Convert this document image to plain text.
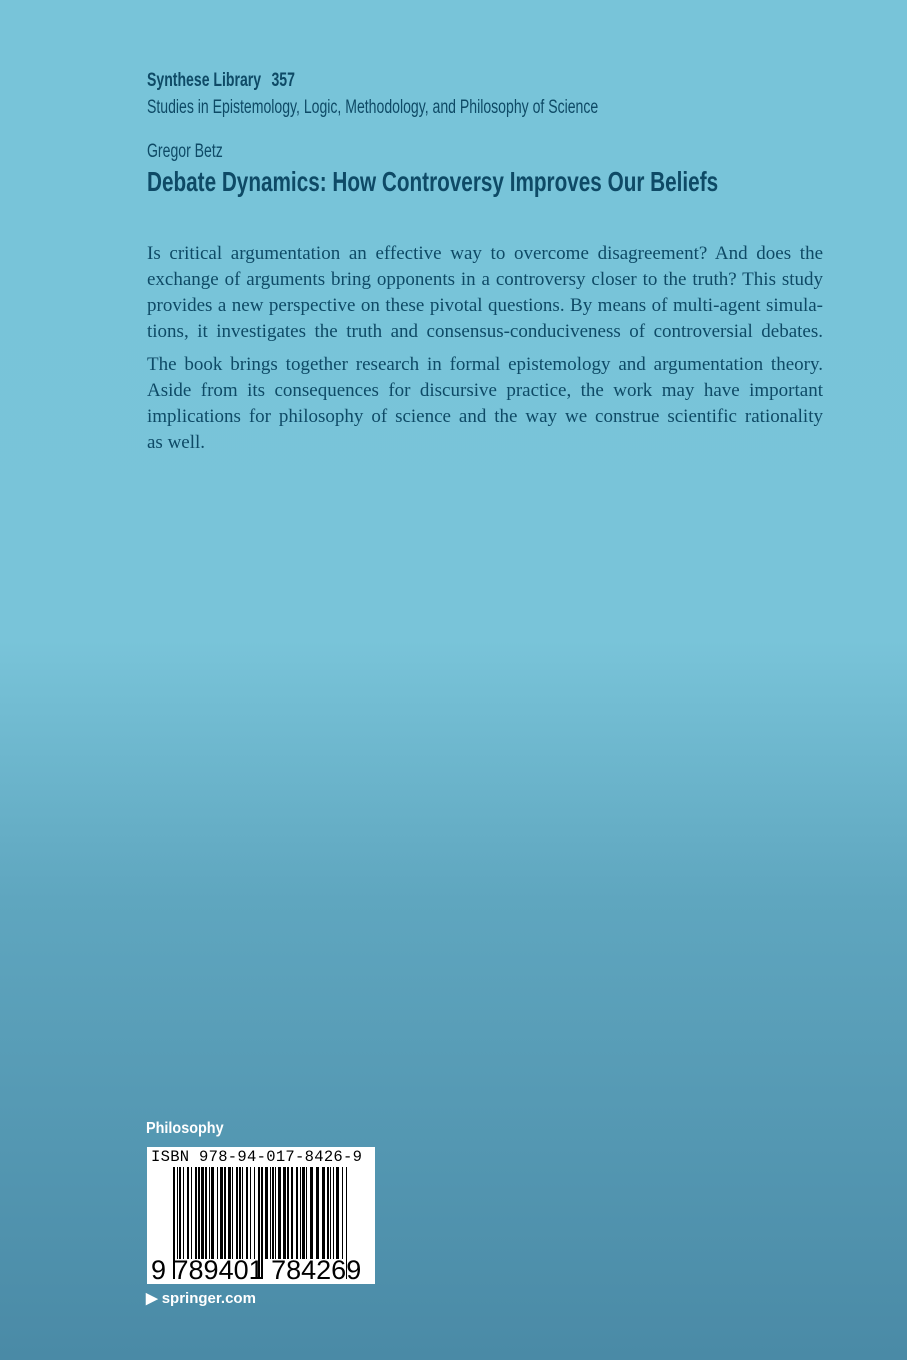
Synthese Library 357
Studies in Epistemology, Logic, Methodology, and Philosophy of Science
Gregor Betz
Debate Dynamics: How Controversy Improves Our Beliefs
Is critical argumentation an effective way to overcome disagreement? And does the
exchange of arguments bring opponents in a controversy closer to the truth? This study
provides a new perspective on these pivotal questions. By means of multi-agent simula-
tions, it investigates the truth and consensus-conduciveness of controversial debates.
The book brings together research in formal epistemology and argumentation theory.
Aside from its consequences for discursive practice, the work may have important
implications for philosophy of science and the way we construe scientific rationality
as well.
Philosophy
ISBN 978-94-017-8426-9
9 789401 784269
▶ springer.com
